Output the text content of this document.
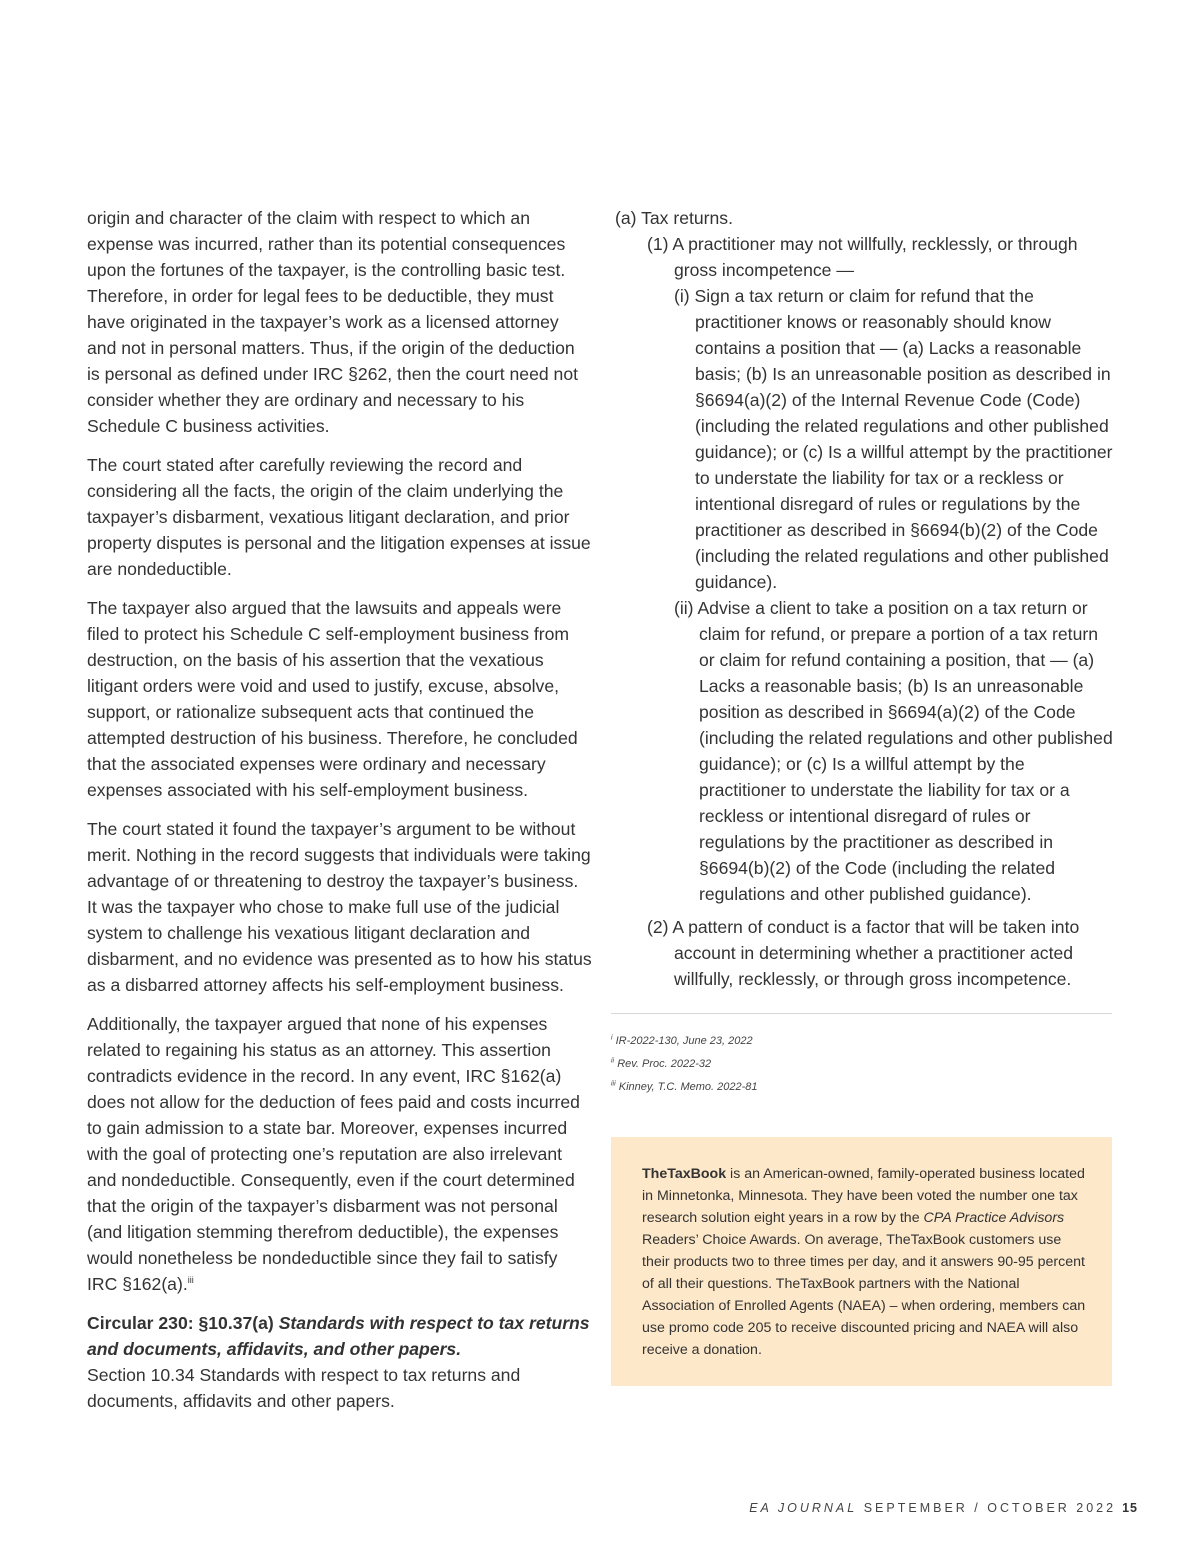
origin and character of the claim with respect to which an expense was incurred, rather than its potential consequences upon the fortunes of the taxpayer, is the controlling basic test. Therefore, in order for legal fees to be deductible, they must have originated in the taxpayer’s work as a licensed attorney and not in personal matters. Thus, if the origin of the deduction is personal as defined under IRC §262, then the court need not consider whether they are ordinary and necessary to his Schedule C business activities.

The court stated after carefully reviewing the record and considering all the facts, the origin of the claim underlying the taxpayer’s disbarment, vexatious litigant declaration, and prior property disputes is personal and the litigation expenses at issue are nondeductible.

The taxpayer also argued that the lawsuits and appeals were filed to protect his Schedule C self-employment business from destruction, on the basis of his assertion that the vexatious litigant orders were void and used to justify, excuse, absolve, support, or rationalize subsequent acts that continued the attempted destruction of his business. Therefore, he concluded that the associated expenses were ordinary and necessary expenses associated with his self-employment business.

The court stated it found the taxpayer’s argument to be without merit. Nothing in the record suggests that individuals were taking advantage of or threatening to destroy the taxpayer’s business. It was the taxpayer who chose to make full use of the judicial system to challenge his vexatious litigant declaration and disbarment, and no evidence was presented as to how his status as a disbarred attorney affects his self-employment business.

Additionally, the taxpayer argued that none of his expenses related to regaining his status as an attorney. This assertion contradicts evidence in the record. In any event, IRC §162(a) does not allow for the deduction of fees paid and costs incurred to gain admission to a state bar. Moreover, expenses incurred with the goal of protecting one’s reputation are also irrelevant and nondeductible. Consequently, even if the court determined that the origin of the taxpayer’s disbarment was not personal (and litigation stemming therefrom deductible), the expenses would nonetheless be nondeductible since they fail to satisfy IRC §162(a).$^{iii}$

Circular 230: §10.37(a) Standards with respect to tax returns and documents, affidavits, and other papers.

Section 10.34 Standards with respect to tax returns and documents, affidavits and other papers.

(a) Tax returns.

(1) A practitioner may not willfully, recklessly, or through gross incompetence —

(i) Sign a tax return or claim for refund that the practitioner knows or reasonably should know contains a position that — (a) Lacks a reasonable basis; (b) Is an unreasonable position as described in §6694(a)(2) of the Internal Revenue Code (Code) (including the related regulations and other published guidance); or (c) Is a willful attempt by the practitioner to understate the liability for tax or a reckless or intentional disregard of rules or regulations by the practitioner as described in §6694(b)(2) of the Code (including the related regulations and other published guidance).

(ii) Advise a client to take a position on a tax return or claim for refund, or prepare a portion of a tax return or claim for refund containing a position, that — (a) Lacks a reasonable basis; (b) Is an unreasonable position as described in §6694(a)(2) of the Code (including the related regulations and other published guidance); or (c) Is a willful attempt by the practitioner to understate the liability for tax or a reckless or intentional disregard of rules or regulations by the practitioner as described in §6694(b)(2) of the Code (including the related regulations and other published guidance).

(2) A pattern of conduct is a factor that will be taken into account in determining whether a practitioner acted willfully, recklessly, or through gross incompetence.

$^i$ IR-2022-130, June 23, 2022
$^{ii}$ Rev. Proc. 2022-32
$^{iii}$ Kinney, T.C. Memo. 2022-81
TheTaxBook is an American-owned, family-operated business located in Minnetonka, Minnesota. They have been voted the number one tax research solution eight years in a row by the CPA Practice Advisors Readers’ Choice Awards. On average, TheTaxBook customers use their products two to three times per day, and it answers 90-95 percent of all their questions. TheTaxBook partners with the National Association of Enrolled Agents (NAEA) – when ordering, members can use promo code 205 to receive discounted pricing and NAEA will also receive a donation.
EA JOURNAL SEPTEMBER / OCTOBER 2022 15
